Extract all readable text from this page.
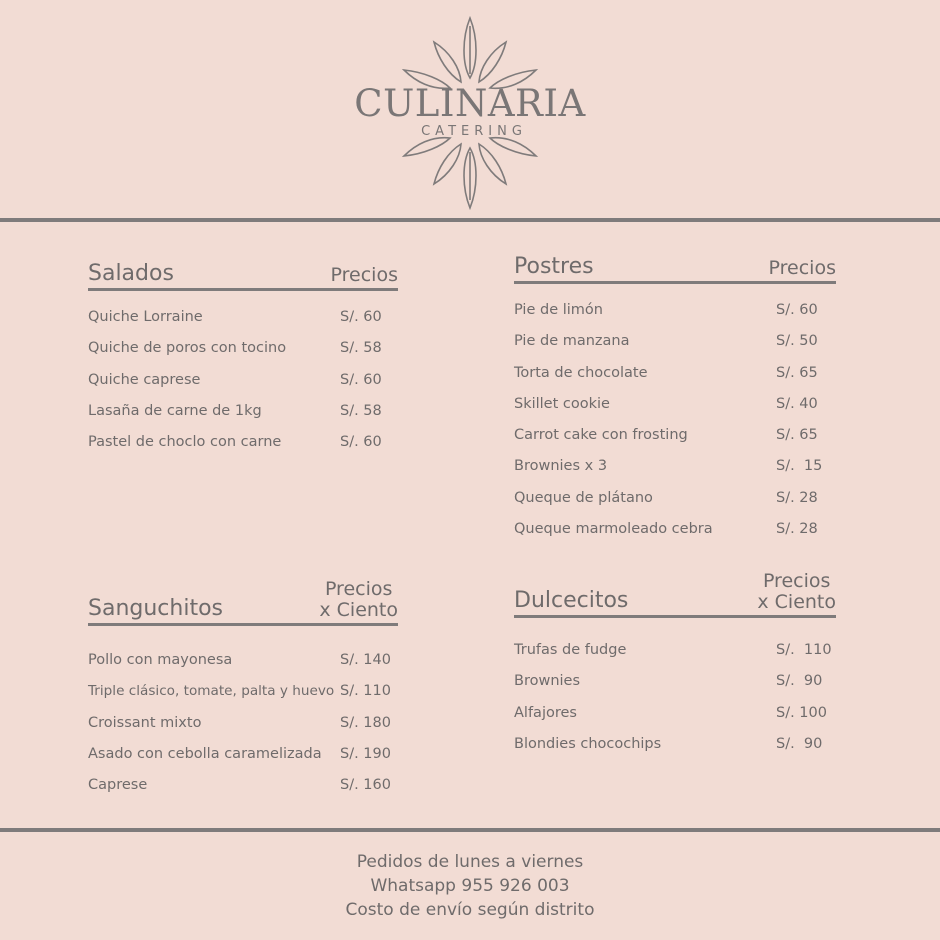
CULINARIA
CATERING
Salados	Precios
Quiche Lorraine	S/. 60
Quiche de poros con tocino	S/. 58
Quiche caprese	S/. 60
Lasaña de carne de 1kg	S/. 58
Pastel de choclo con carne	S/. 60
Postres	Precios
Pie de limón	S/. 60
Pie de manzana	S/. 50
Torta de chocolate	S/. 65
Skillet cookie	S/. 40
Carrot cake con frosting	S/. 65
Brownies x 3	S/.  15
Queque de plátano	S/. 28
Queque marmoleado cebra	S/. 28
Sanguchitos
Precios
x Ciento
Pollo con mayonesa	S/. 140
Triple clásico, tomate, palta y huevo S/. 110
Croissant mixto	S/. 180
Asado con cebolla caramelizada S/. 190
Caprese	S/. 160
Dulcecitos
Precios
x Ciento
Trufas de fudge	S/.  110
Brownies	S/.  90
Alfajores	S/. 100
Blondies chocochips	S/.  90
Pedidos de lunes a viernes
Whatsapp 955 926 003
Costo de envío según distrito
